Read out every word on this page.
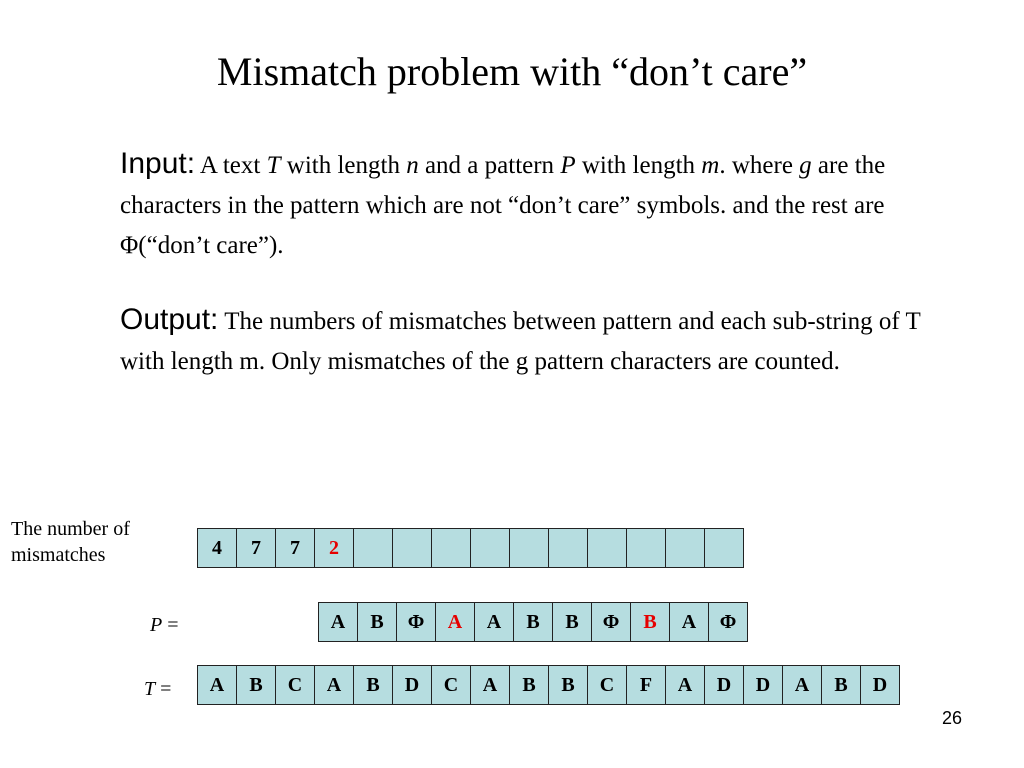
Mismatch problem with “don’t care”
Input: A text T with length n and a pattern P with length m. where g are the characters in the pattern which are not “don’t care” symbols. and the rest are Φ(“don’t care”).
Output: The numbers of mismatches between pattern and each sub-string of T with length m. Only mismatches of the g pattern characters are counted.
The number of mismatches	4	7	7	2
P =	A	B	Φ	A	A	B	B	Φ	B	A	Φ
T =	A	B	C	A	B	D	C	A	B	B	C	F	A	D	D	A	B	D
26
